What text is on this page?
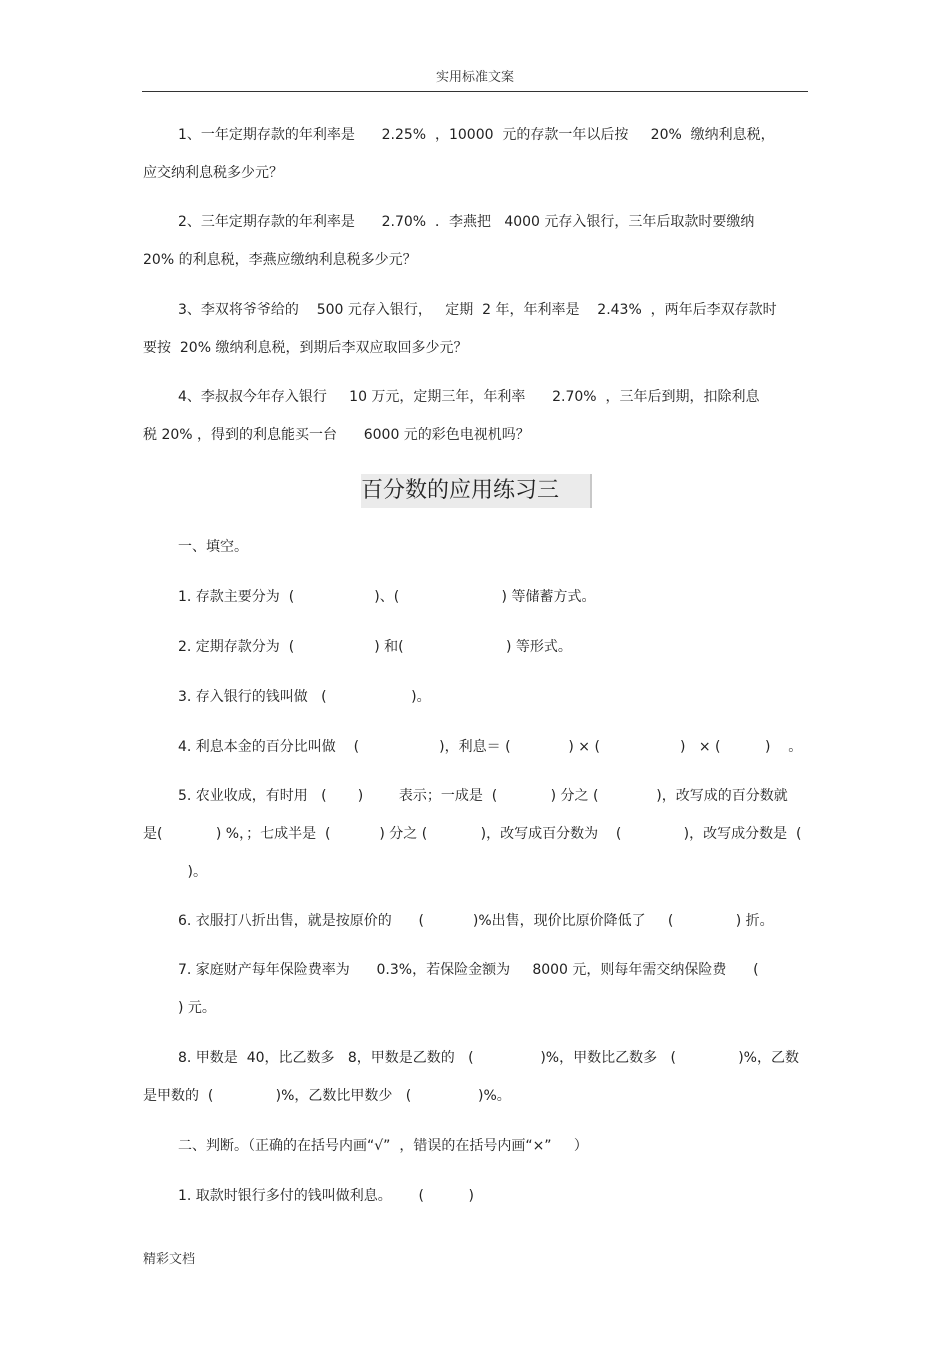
实用标准文案
1、一年定期存款的年利率是      2.25%  ，10000  元的存款一年以后按     20%  缴纳利息税，
应交纳利息税多少元？
2、三年定期存款的年利率是      2.70%  ．李燕把   4000 元存入银行，三年后取款时要缴纳
20% 的利息税，李燕应缴纳利息税多少元？
3、李双将爷爷给的    500 元存入银行，   定期  2 年，年利率是    2.43%  ，两年后李双存款时
要按  20% 缴纳利息税，到期后李双应取回多少元？
4、李叔叔今年存入银行     10 万元，定期三年，年利率      2.70%  ，三年后到期，扣除利息
税 20% ，得到的利息能买一台      6000 元的彩色电视机吗？
百分数的应用练习三
一、填空。
1. 存款主要分为  (                  )、(                       ) 等储蓄方式。
2. 定期存款分为  (                  ) 和(                       ) 等形式。
3. 存入银行的钱叫做   (                   )。
4. 利息本金的百分比叫做    (                  )，利息＝ (             ) × (                  )   × (          )    。
5. 农业收成，有时用   (       )        表示；一成是  (            ) 分之 (             )，改写成的百分数就
是(            ) %，；七成半是  (           ) 分之 (            )，改写成百分数为    (              )，改写成分数是  (
)。
6. 衣服打八折出售，就是按原价的      (           )%出售，现价比原价降低了     (              ) 折。
7. 家庭财产每年保险费率为      0.3%，若保险金额为     8000 元，则每年需交纳保险费      (
) 元。
8. 甲数是  40，比乙数多   8，甲数是乙数的   (               )%，甲数比乙数多   (              )%，乙数
是甲数的  (              )%，乙数比甲数少   (               )%。
二、判断。（正确的在括号内画“√”  ，错误的在括号内画“×”     ）
1. 取款时银行多付的钱叫做利息。      (          )
精彩文档
